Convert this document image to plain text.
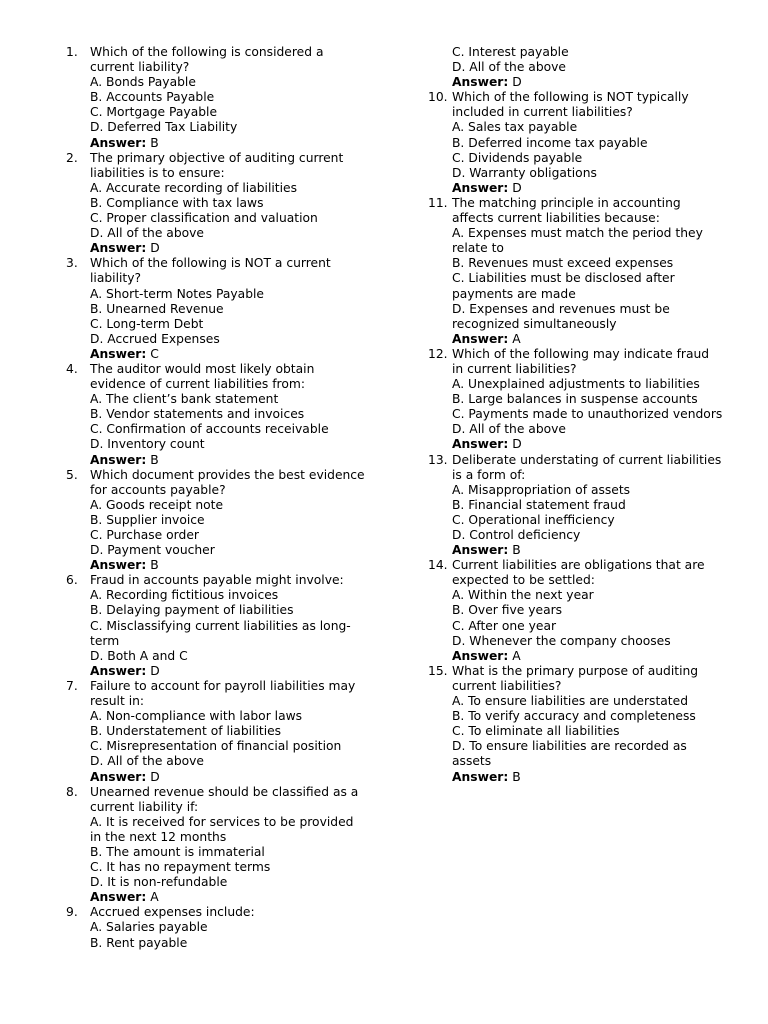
1. Which of the following is considered a current liability?
A. Bonds Payable
B. Accounts Payable
C. Mortgage Payable
D. Deferred Tax Liability
Answer: B
2. The primary objective of auditing current liabilities is to ensure:
A. Accurate recording of liabilities
B. Compliance with tax laws
C. Proper classification and valuation
D. All of the above
Answer: D
3. Which of the following is NOT a current liability?
A. Short-term Notes Payable
B. Unearned Revenue
C. Long-term Debt
D. Accrued Expenses
Answer: C
4. The auditor would most likely obtain evidence of current liabilities from:
A. The client’s bank statement
B. Vendor statements and invoices
C. Confirmation of accounts receivable
D. Inventory count
Answer: B
5. Which document provides the best evidence for accounts payable?
A. Goods receipt note
B. Supplier invoice
C. Purchase order
D. Payment voucher
Answer: B
6. Fraud in accounts payable might involve:
A. Recording fictitious invoices
B. Delaying payment of liabilities
C. Misclassifying current liabilities as long-term
D. Both A and C
Answer: D
7. Failure to account for payroll liabilities may result in:
A. Non-compliance with labor laws
B. Understatement of liabilities
C. Misrepresentation of financial position
D. All of the above
Answer: D
8. Unearned revenue should be classified as a current liability if:
A. It is received for services to be provided in the next 12 months
B. The amount is immaterial
C. It has no repayment terms
D. It is non-refundable
Answer: A
9. Accrued expenses include:
A. Salaries payable
B. Rent payable
C. Interest payable
D. All of the above
Answer: D
10. Which of the following is NOT typically included in current liabilities?
A. Sales tax payable
B. Deferred income tax payable
C. Dividends payable
D. Warranty obligations
Answer: D
11. The matching principle in accounting affects current liabilities because:
A. Expenses must match the period they relate to
B. Revenues must exceed expenses
C. Liabilities must be disclosed after payments are made
D. Expenses and revenues must be recognized simultaneously
Answer: A
12. Which of the following may indicate fraud in current liabilities?
A. Unexplained adjustments to liabilities
B. Large balances in suspense accounts
C. Payments made to unauthorized vendors
D. All of the above
Answer: D
13. Deliberate understating of current liabilities is a form of:
A. Misappropriation of assets
B. Financial statement fraud
C. Operational inefficiency
D. Control deficiency
Answer: B
14. Current liabilities are obligations that are expected to be settled:
A. Within the next year
B. Over five years
C. After one year
D. Whenever the company chooses
Answer: A
15. What is the primary purpose of auditing current liabilities?
A. To ensure liabilities are understated
B. To verify accuracy and completeness
C. To eliminate all liabilities
D. To ensure liabilities are recorded as assets
Answer: B
